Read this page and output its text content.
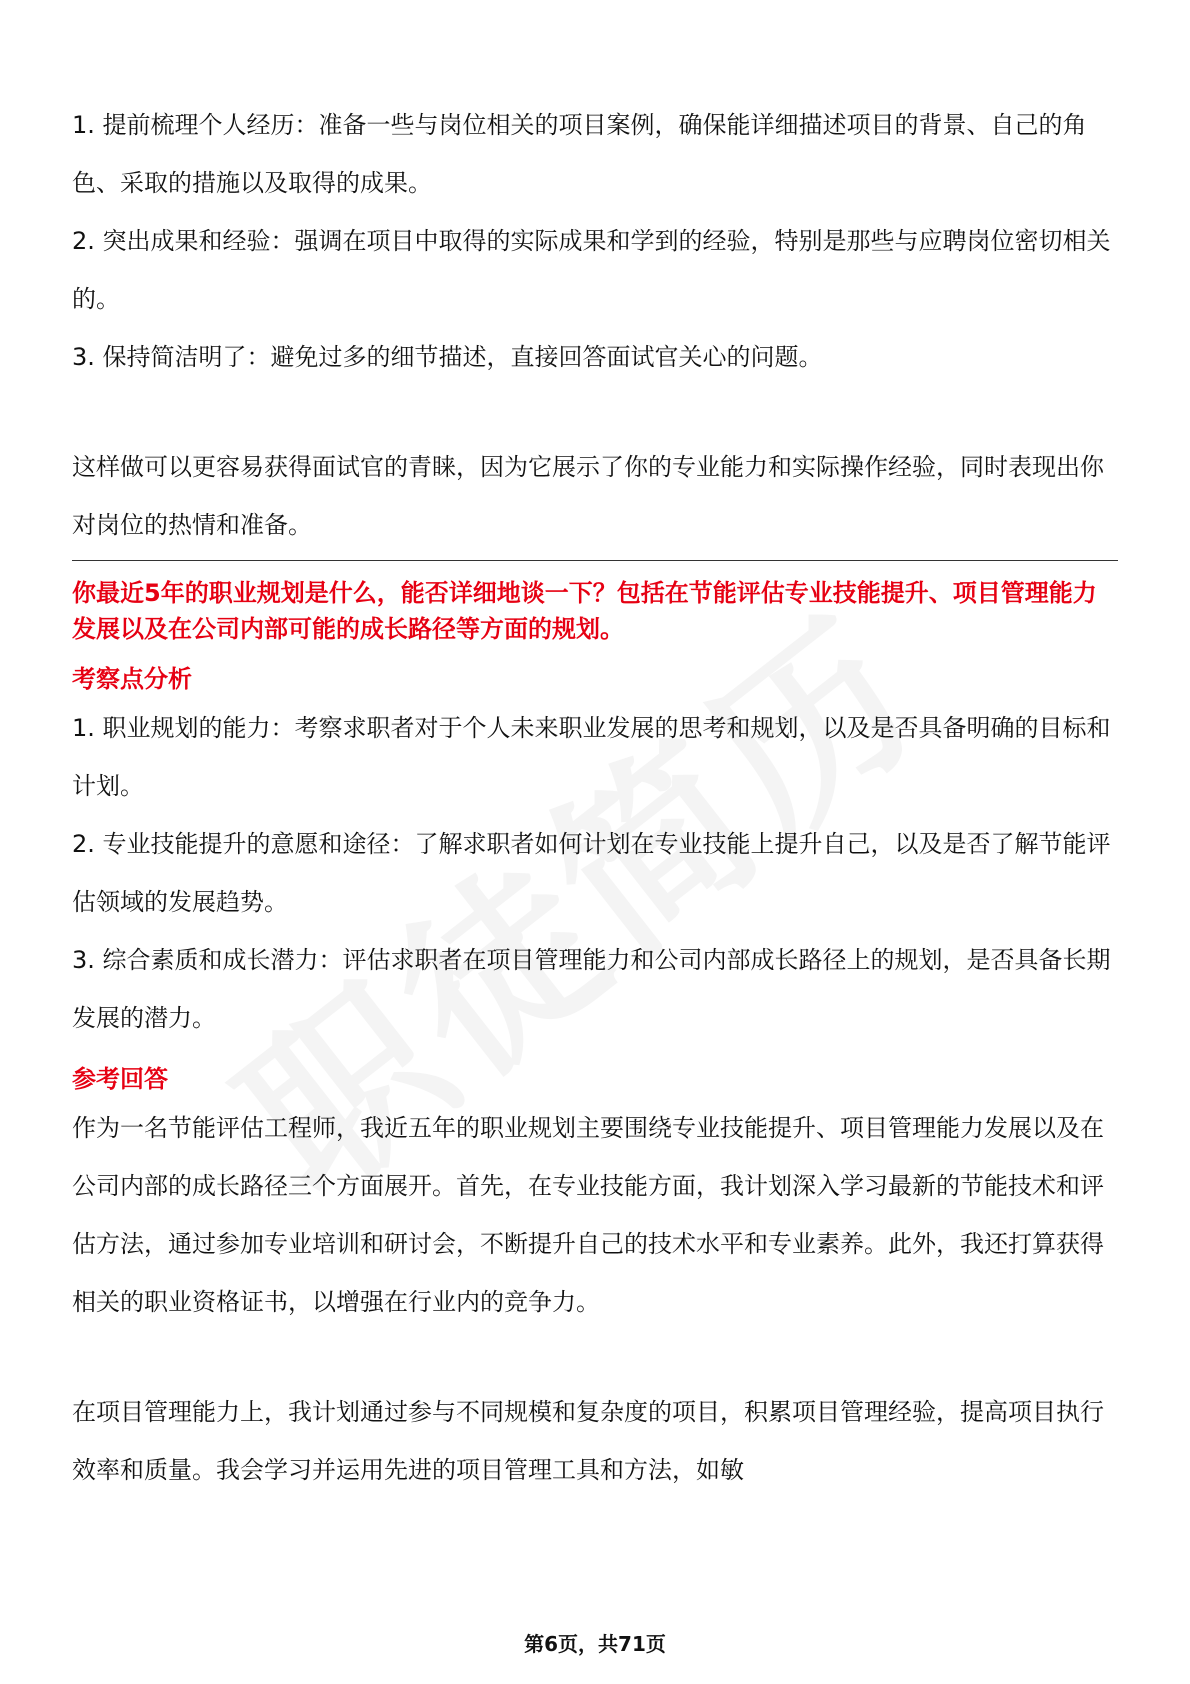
1. 提前梳理个人经历：准备一些与岗位相关的项目案例，确保能详细描述项目的背景、自己的角色、采取的措施以及取得的成果。

2. 突出成果和经验：强调在项目中取得的实际成果和学到的经验，特别是那些与应聘岗位密切相关的。

3. 保持简洁明了：避免过多的细节描述，直接回答面试官关心的问题。

这样做可以更容易获得面试官的青睐，因为它展示了你的专业能力和实际操作经验，同时表现出你对岗位的热情和准备。

你最近5年的职业规划是什么，能否详细地谈一下？包括在节能评估专业技能提升、项目管理能力发展以及在公司内部可能的成长路径等方面的规划。
考察点分析

1. 职业规划的能力：考察求职者对于个人未来职业发展的思考和规划，以及是否具备明确的目标和计划。

2. 专业技能提升的意愿和途径：了解求职者如何计划在专业技能上提升自己，以及是否了解节能评估领域的发展趋势。

3. 综合素质和成长潜力：评估求职者在项目管理能力和公司内部成长路径上的规划，是否具备长期发展的潜力。

参考回答

作为一名节能评估工程师，我近五年的职业规划主要围绕专业技能提升、项目管理能力发展以及在公司内部的成长路径三个方面展开。首先，在专业技能方面，我计划深入学习最新的节能技术和评估方法，通过参加专业培训和研讨会，不断提升自己的技术水平和专业素养。此外，我还打算获得相关的职业资格证书，以增强在行业内的竞争力。

在项目管理能力上，我计划通过参与不同规模和复杂度的项目，积累项目管理经验，提高项目执行效率和质量。我会学习并运用先进的项目管理工具和方法，如敏

第6页，共71页
